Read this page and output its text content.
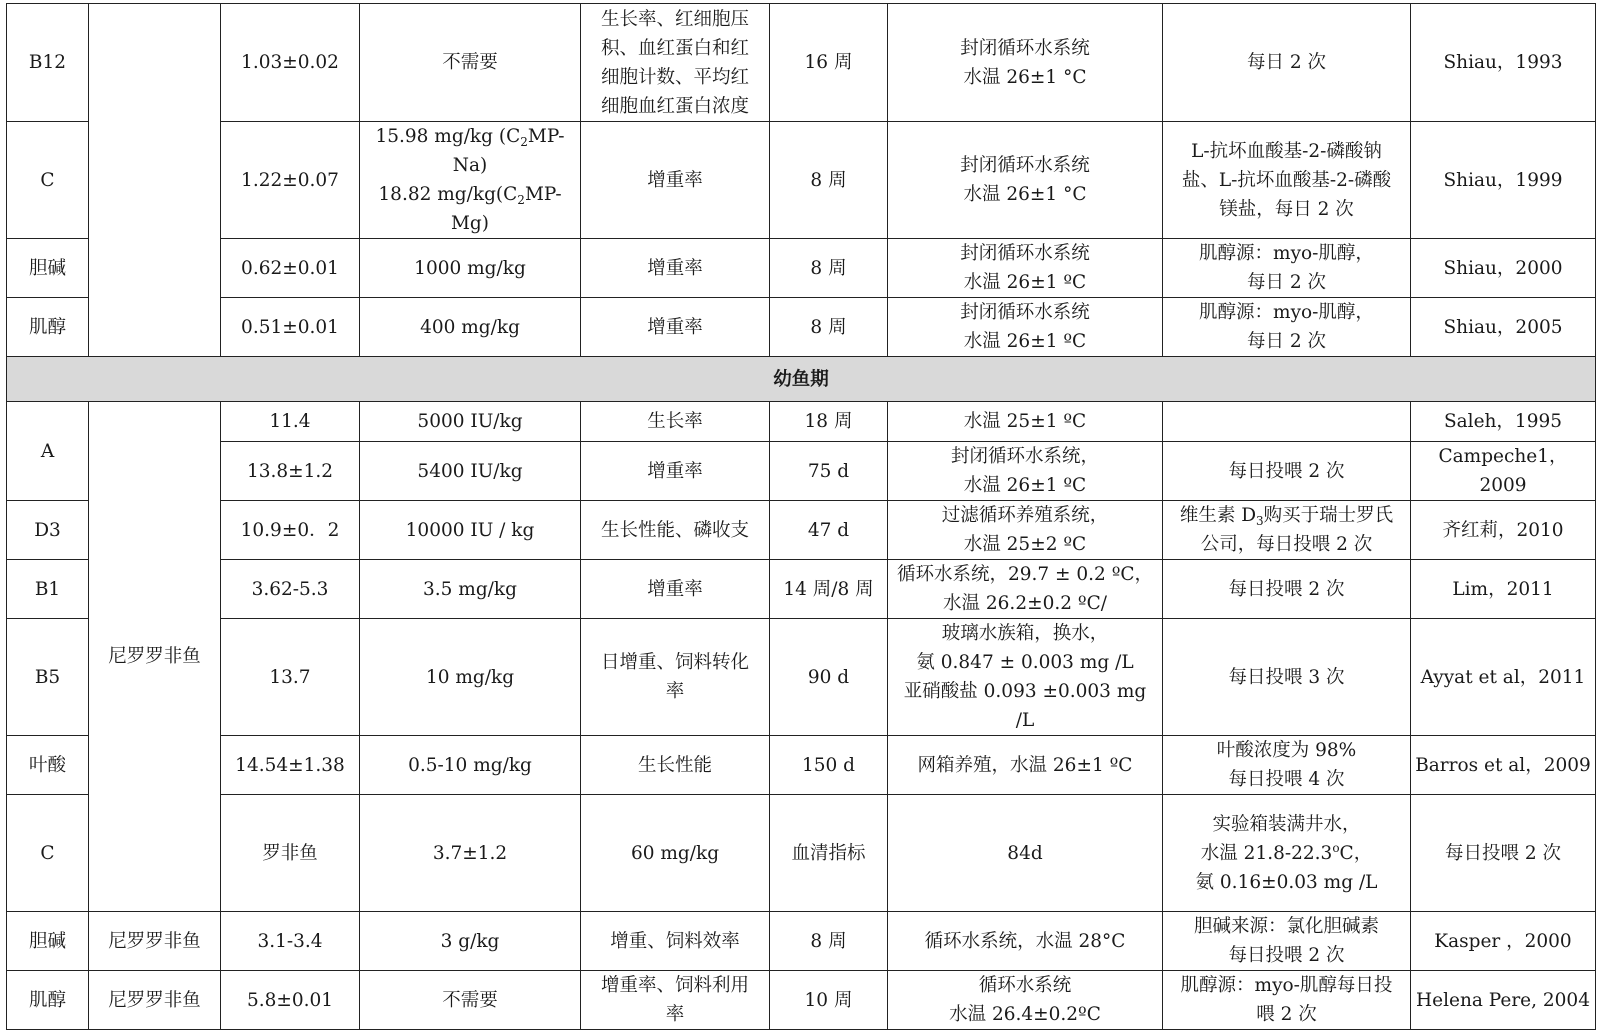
B12		1.03±0.02	不需要	生长率、红细胞压
积、血红蛋白和红
细胞计数、平均红
细胞血红蛋白浓度	16 周	封闭循环水系统
水温 26±1 °C	每日 2 次	Shiau，1993	
C		1.22±0.07	15.98 mg/kg $(C_2MP-Na)$
18.82 $mg/kg(C_2MP-Mg)$	增重率	8 周	封闭循环水系统
水温 26±1 °C	L-抗坏血酸基-2-磷酸钠
盐、L-抗坏血酸基-2-磷酸
镁盐，每日 2 次	Shiau，1999	
胆碱		0.62±0.01	1000 mg/kg	增重率	8 周	封闭循环水系统
水温 26±1 ºC	肌醇源：myo-肌醇，
每日 2 次	Shiau，2000	
肌醇		0.51±0.01	400 mg/kg	增重率	8 周	封闭循环水系统
水温 26±1 ºC	肌醇源：myo-肌醇，
每日 2 次	Shiau，2005	
幼鱼期									
A	尼罗罗非鱼	11.4	5000 IU/kg	生长率	18 周	水温 25±1 ºC		Saleh，1995	
		13.8±1.2	5400 IU/kg	增重率	75 d	封闭循环水系统，
水温 26±1 ºC	每日投喂 2 次	Campeche1，2009	
D3		10.9±0．2	10000 IU / kg	生长性能、磷收支	47 d	过滤循环养殖系统，
水温 25±2 ºC	维生素 $D_3$购买于瑞士罗氏
公司，每日投喂 2 次	齐红莉，2010	
B1		3.62-5.3	3.5 mg/kg	增重率	14 周/8 周	循环水系统，29.7 ± 0.2 ºC，
水温 26.2±0.2 ºC/	每日投喂 2 次	Lim，2011	
B5		13.7	10 mg/kg	日增重、饲料转化
率	90 d	玻璃水族箱，换水，
氨 0.847 ± 0.003 mg /L
亚硝酸盐 0.093 ±0.003 mg /L	每日投喂 3 次	Ayyat et al，2011	
叶酸		14.54±1.38	0.5-10 mg/kg	生长性能	150 d	网箱养殖，水温 26±1 ºC	叶酸浓度为 98%
每日投喂 4 次	Barros et al，2009	
C		罗非鱼	3.7±1.2	60 mg/kg	血清指标	84d	实验箱装满井水，
水温 21.8-22.3$^o$C，
氨 0.16±0.03 mg /L	每日投喂 2 次	
胆碱	尼罗罗非鱼	3.1-3.4	3 g/kg	增重、饲料效率	8 周	循环水系统，水温 28°C	胆碱来源：氯化胆碱素
每日投喂 2 次	Kasper ，2000	
肌醇	尼罗罗非鱼	5.8±0.01	不需要	增重率、饲料利用
率	10 周	循环水系统
水温 26.4±0.2ºC	肌醇源：myo-肌醇每日投
喂 2 次	Helena Pere, 2004	
